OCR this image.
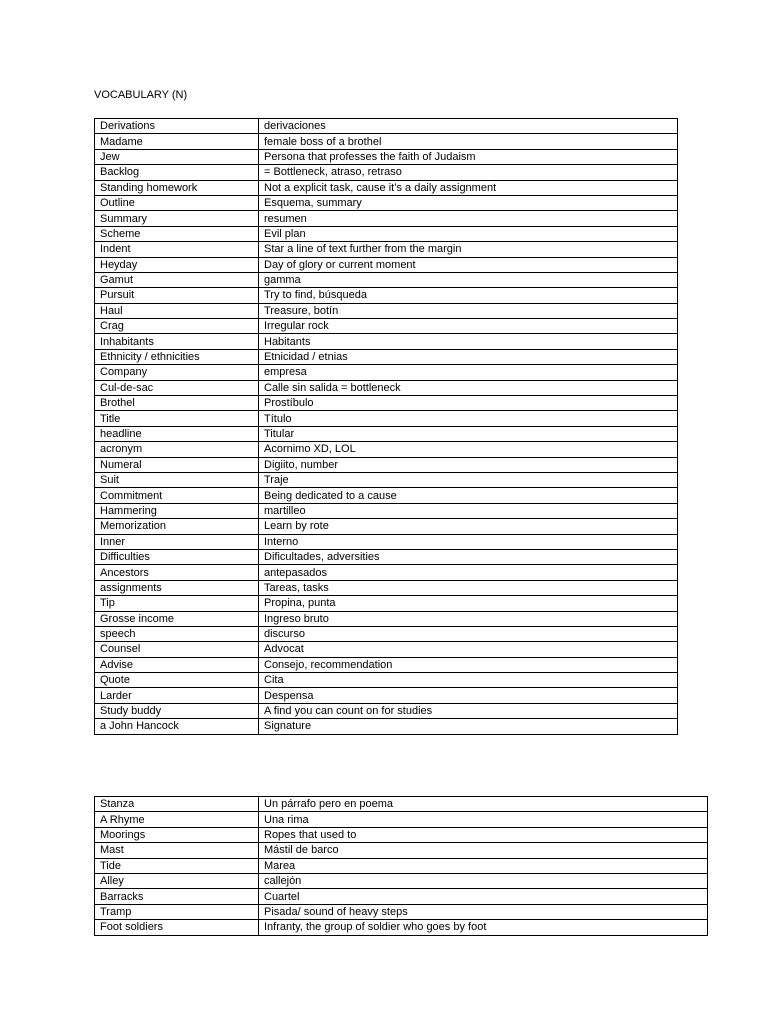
VOCABULARY (N)
Derivations	derivaciones
Madame	female boss of a brothel
Jew	Persona that professes the faith of Judaism
Backlog	= Bottleneck, atraso, retraso
Standing homework	Not a explicit task, cause it’s a daily assignment
Outline	Esquema, summary
Summary	resumen
Scheme	Evil plan
Indent	Star a line of text further from the margin
Heyday	Day of glory or current moment
Gamut	gamma
Pursuit	Try to find, búsqueda
Haul	Treasure, botín
Crag	Irregular rock
Inhabitants	Habitants
Ethnicity / ethnicities	Etnicidad / etnias
Company	empresa
Cul-de-sac	Calle sin salida = bottleneck
Brothel	Prostíbulo
Title	Título
headline	Titular
acronym	Acornimo XD, LOL
Numeral	Digiito, number
Suit	Traje
Commitment	Being dedicated to a cause
Hammering	martilleo
Memorization	Learn by rote
Inner	Interno
Difficulties	Dificultades, adversities
Ancestors	antepasados
assignments	Tareas, tasks
Tip	Propina, punta
Grosse income	Ingreso bruto
speech	discurso
Counsel	Advocat
Advise	Consejo, recommendation
Quote	Cita
Larder	Despensa
Study buddy	A find you can count on for studies
a John Hancock	Signature
Stanza	Un párrafo pero en poema
A Rhyme	Una rima
Moorings	Ropes that used to
Mast	Mástil de barco
Tide	Marea
Alley	callejón
Barracks	Cuartel
Tramp	Pisada/ sound of heavy steps
Foot soldiers	Infranty, the group of soldier who goes by foot
